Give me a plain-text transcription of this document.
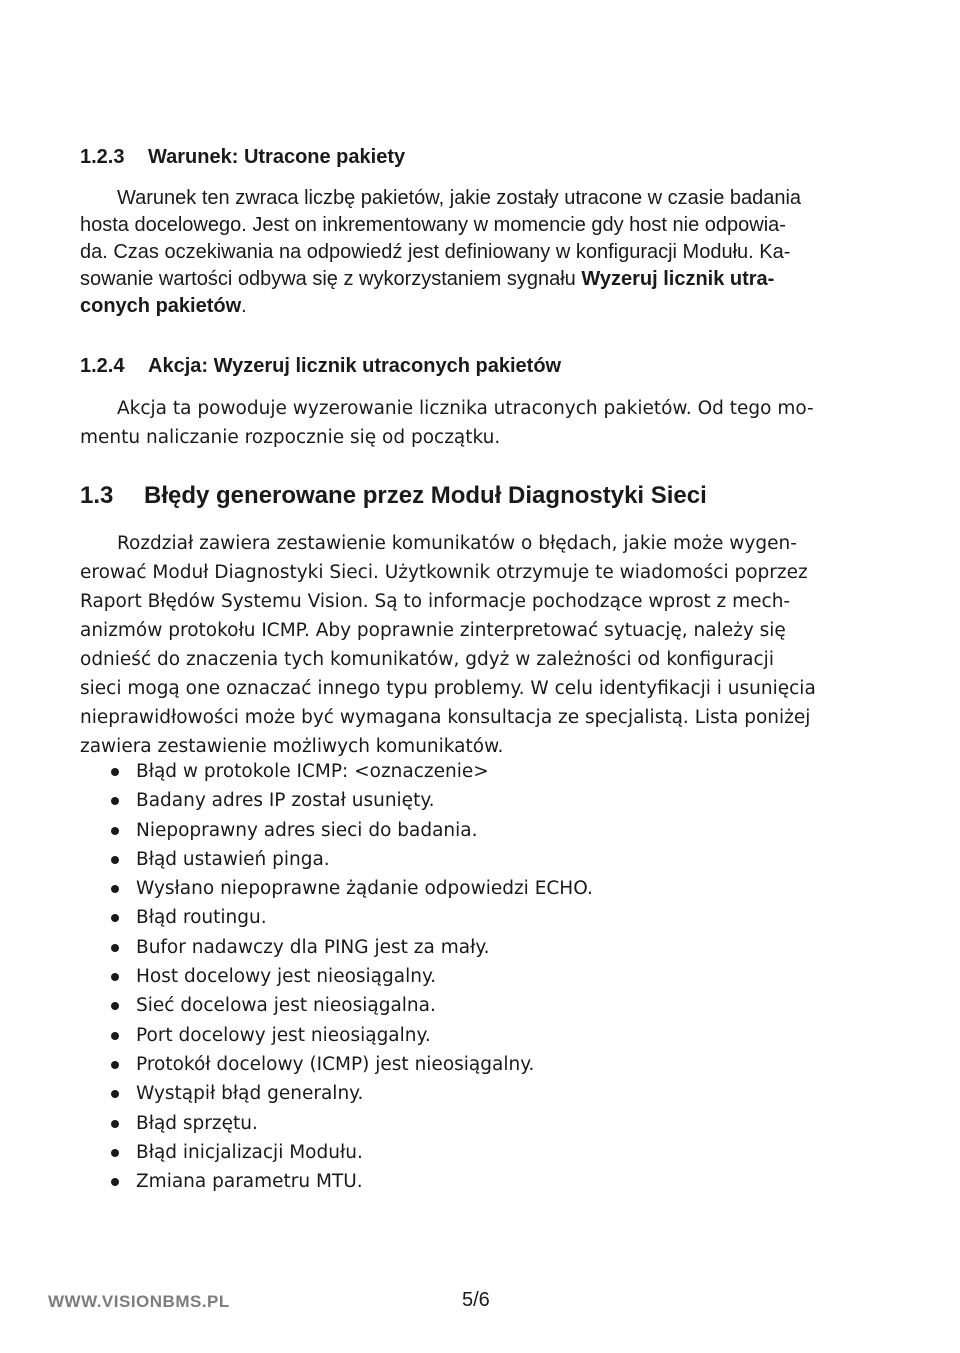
1.2.3 Warunek: Utracone pakiety
Warunek ten zwraca liczbę pakietów, jakie zostały utracone w czasie badania
hosta docelowego. Jest on inkrementowany w momencie gdy host nie odpowia-
da. Czas oczekiwania na odpowiedź jest definiowany w konfiguracji Modułu. Ka-
sowanie wartości odbywa się z wykorzystaniem sygnału Wyzeruj licznik utra-
conych pakietów.
1.2.4 Akcja: Wyzeruj licznik utraconych pakietów
Akcja ta powoduje wyzerowanie licznika utraconych pakietów. Od tego mo-
mentu naliczanie rozpocznie się od początku.
1.3 Błędy generowane przez Moduł Diagnostyki Sieci
Rozdział zawiera zestawienie komunikatów o błędach, jakie może wygen-
erować Moduł Diagnostyki Sieci. Użytkownik otrzymuje te wiadomości poprzez
Raport Błędów Systemu Vision. Są to informacje pochodzące wprost z mech-
anizmów protokołu ICMP. Aby poprawnie zinterpretować sytuację, należy się
odnieść do znaczenia tych komunikatów, gdyż w zależności od konfiguracji
sieci mogą one oznaczać innego typu problemy. W celu identyfikacji i usunięcia
nieprawidłowości może być wymagana konsultacja ze specjalistą. Lista poniżej
zawiera zestawienie możliwych komunikatów.
Błąd w protokole ICMP: <oznaczenie>
Badany adres IP został usunięty.
Niepoprawny adres sieci do badania.
Błąd ustawień pinga.
Wysłano niepoprawne żądanie odpowiedzi ECHO.
Błąd routingu.
Bufor nadawczy dla PING jest za mały.
Host docelowy jest nieosiągalny.
Sieć docelowa jest nieosiągalna.
Port docelowy jest nieosiągalny.
Protokół docelowy (ICMP) jest nieosiągalny.
Wystąpił błąd generalny.
Błąd sprzętu.
Błąd inicjalizacji Modułu.
Zmiana parametru MTU.
WWW.VISIONBMS.PL	5/6
